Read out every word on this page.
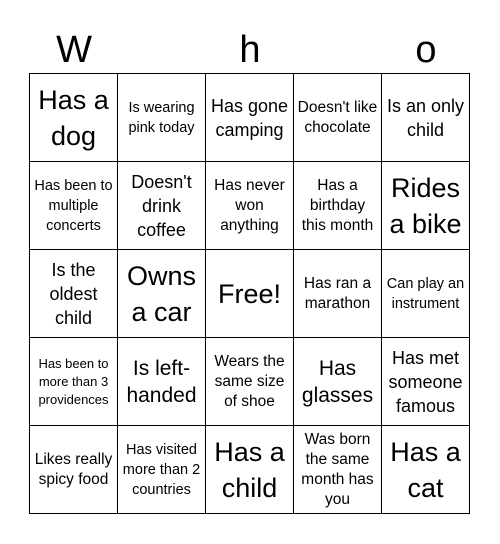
W	h	o
Has a dog
Is wearing pink today
Has gone camping
Doesn't like chocolate
Is an only child
Has been to multiple concerts
Doesn't drink coffee
Has never won anything
Has a birthday this month
Rides a bike
Is the oldest child
Owns a car
Free!	Has ran a marathon
Can play an instrument
Has been to more than 3 providences
Is left-handed
Wears the same size of shoe
Has glasses
Has met someone famous
Likes really spicy food
Has visited more than 2 countries
Has a child
Was born the same month has you
Has a cat
